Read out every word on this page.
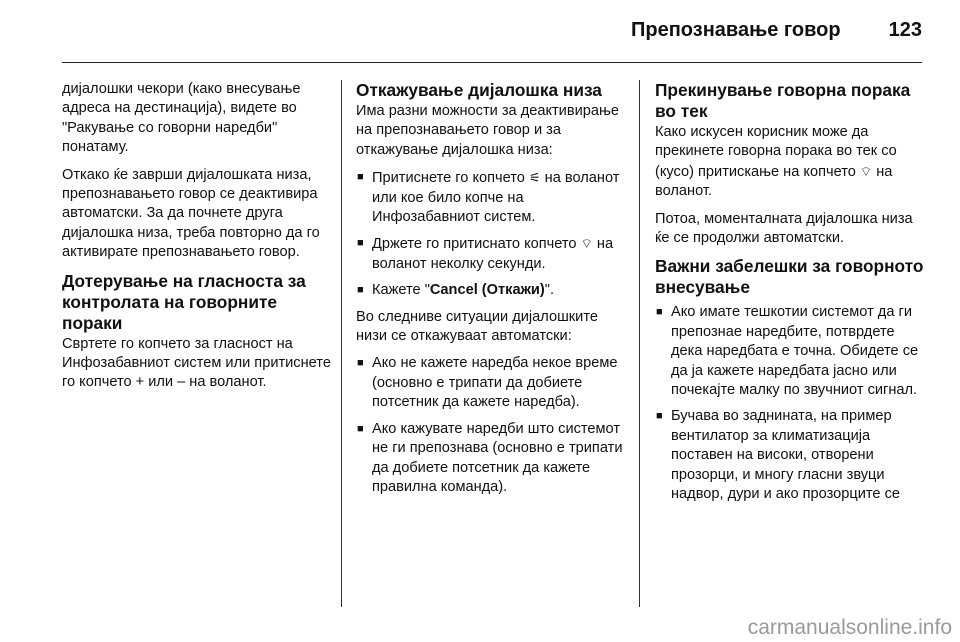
Препознавање говор 123

дијалошки чекори (како внесување адреса на дестинација), видете во "Ракување со говорни наредби" понатаму.

Откако ќе заврши дијалошката низа, препознавањето говор се деактивира автоматски. За да почнете друга дијалошка низа, треба повторно да го активирате препознавањето говор.

Дотерување на гласноста за контролата на говорните пораки

Свртете го копчето за гласност на Инфозабавниот систем или притиснете го копчето + или – на воланот.

Откажување дијалошка низа

Има разни можности за деактивирање на препознавањето говор и за откажување дијалошка низа:

■ Притиснете го копчето ⚟ на воланот или кое било копче на Инфозабавниот систем.
■ Држете го притиснато копчето ⌔ на воланот неколку секунди.
■ Кажете "Cancel (Откажи)".

Во следниве ситуации дијалошките низи се откажуваат автоматски:

■ Ако не кажете наредба некое време (основно е трипати да добиете потсетник да кажете наредба).
■ Ако кажувате наредби што системот не ги препознава (основно е трипати да добиете потсетник да кажете правилна команда).
Прекинување говорна порака во тек

Како искусен корисник може да прекинете говорна порака во тек со (кусо) притискање на копчето ⌔ на воланот.

Потоа, моменталната дијалошка низа ќе се продолжи автоматски.

Важни забелешки за говорното внесување
■ Ако имате тешкотии системот да ги препознае наредбите, потврдете дека наредбата е точна. Обидете се да ја кажете наредбата јасно или почекајте малку по звучниот сигнал.
■ Бучава во заднината, на пример вентилатор за климатизација поставен на високи, отворени прозорци, и многу гласни звуци надвор, дури и ако прозорците се
carmanualsonline.info
